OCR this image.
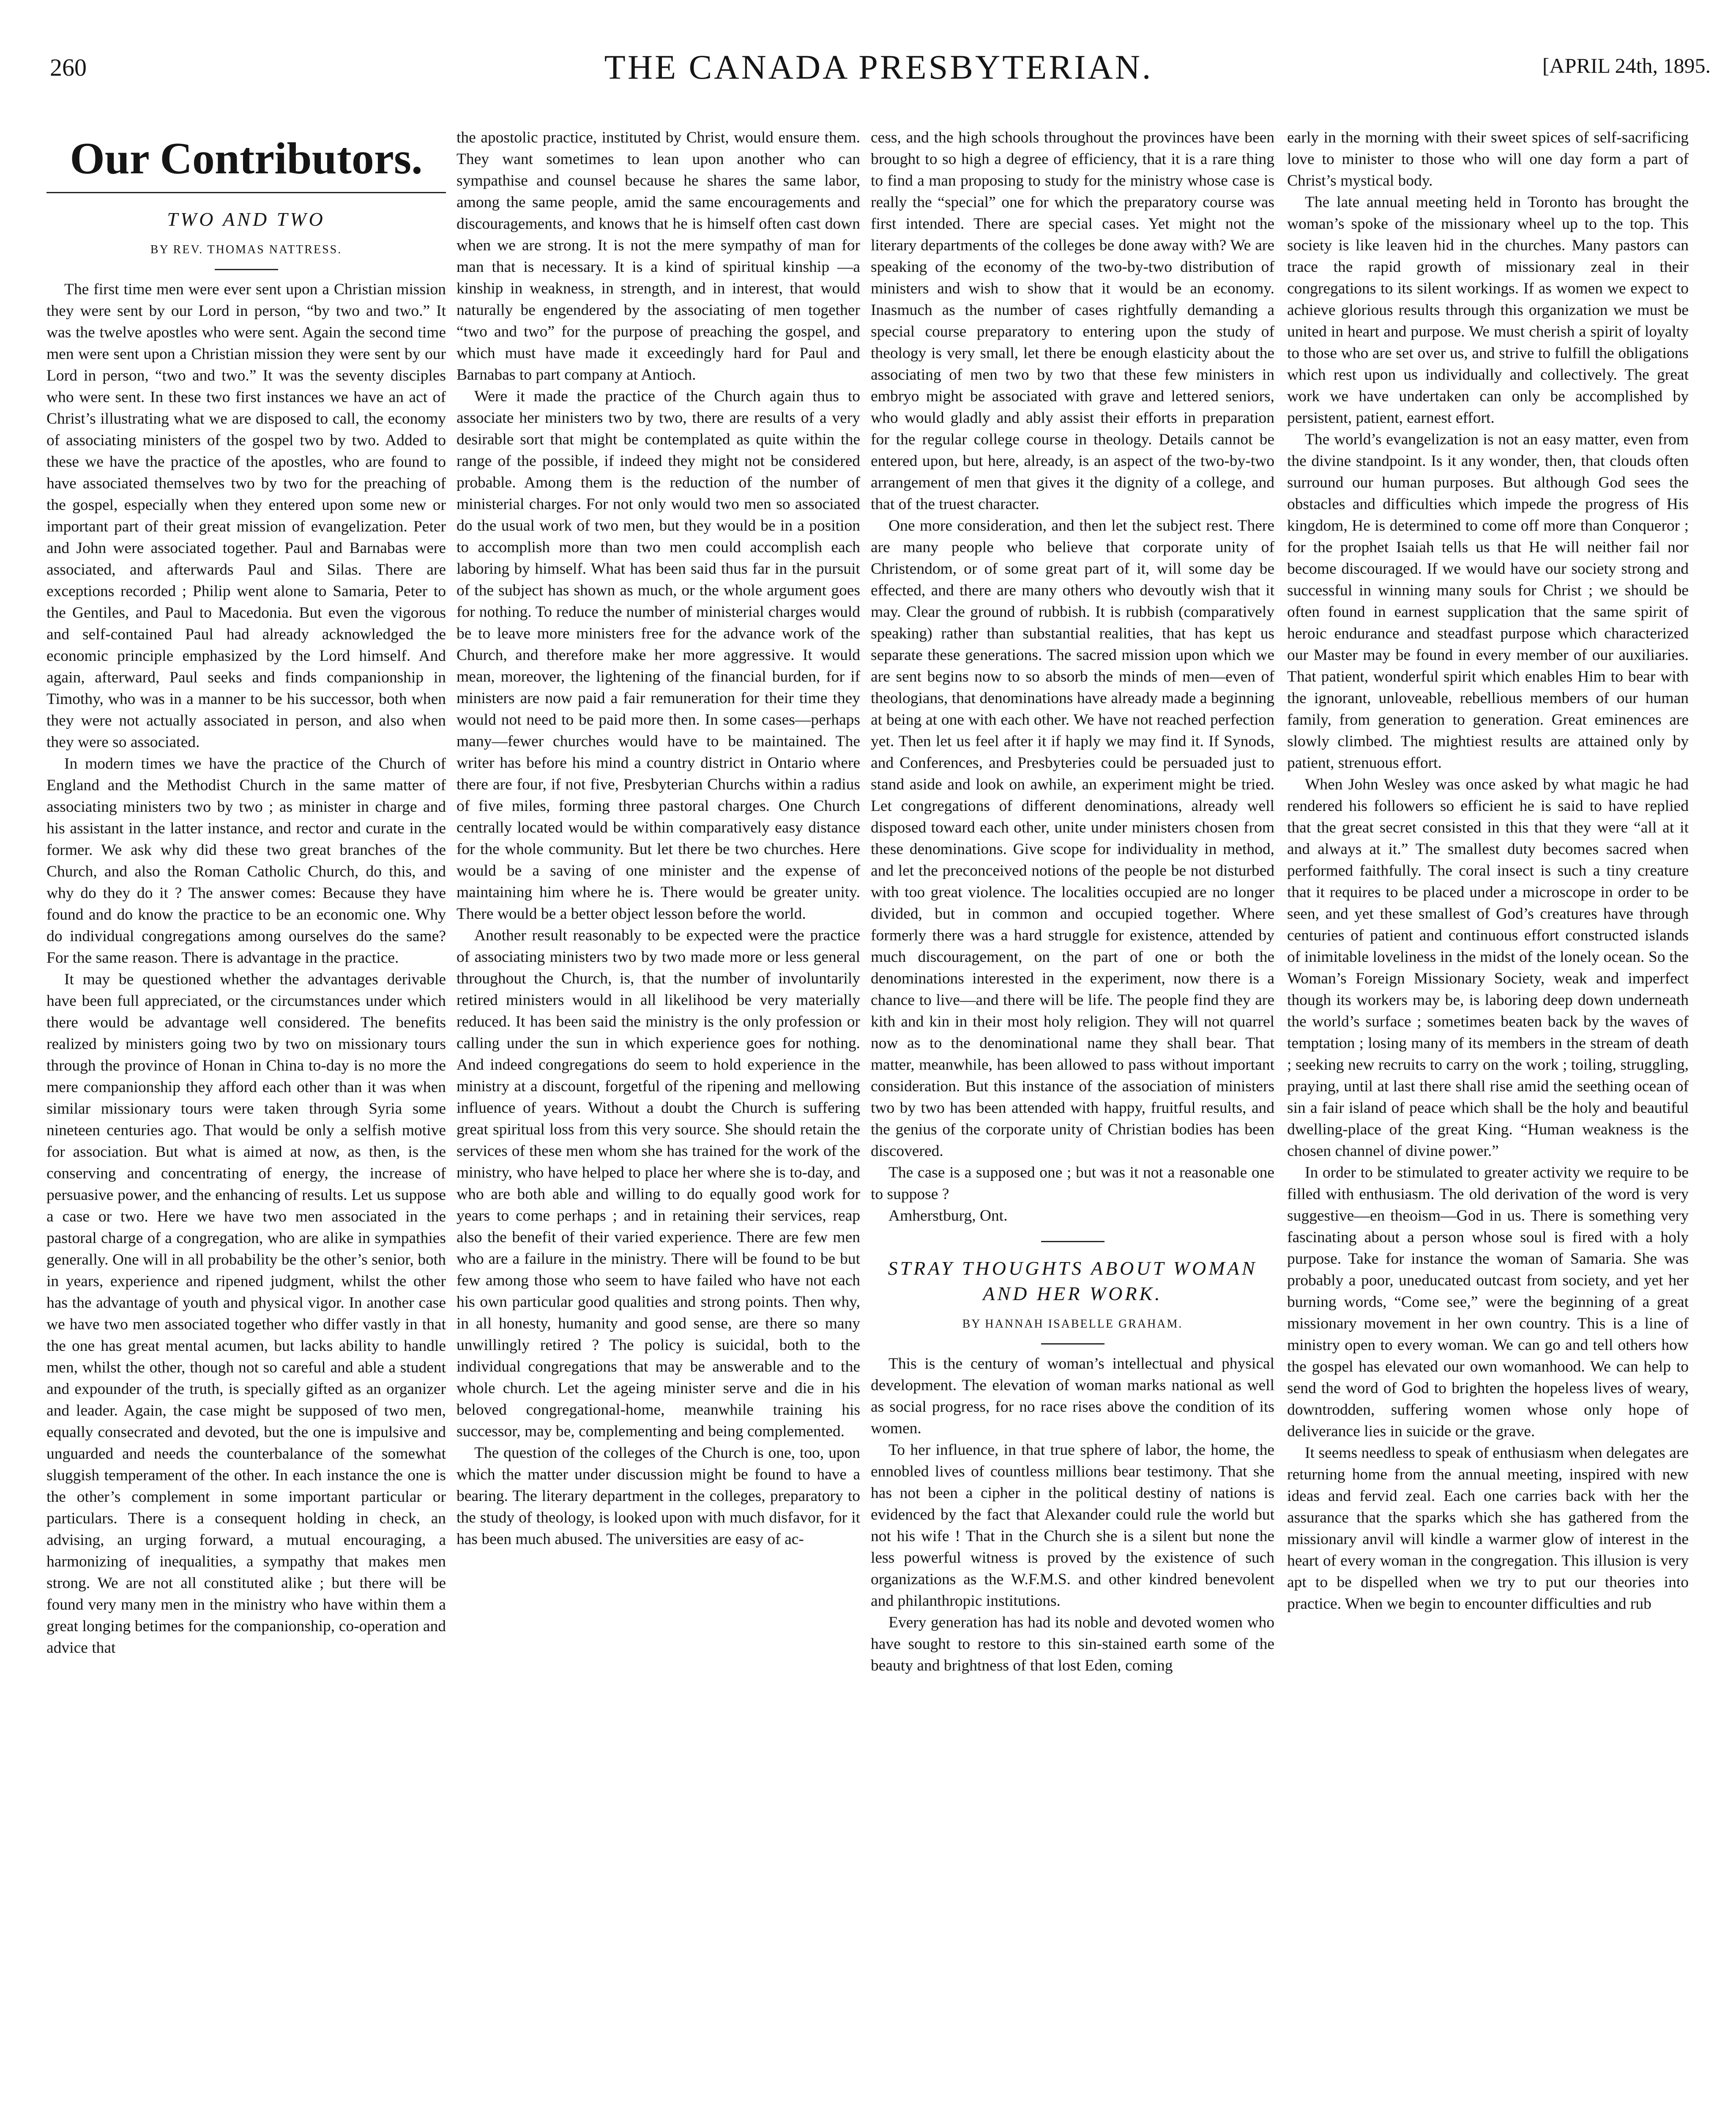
260	THE CANADA PRESBYTERIAN.	[APRIL 24th, 1895.
Our Contributors.
TWO AND TWO
BY REV. THOMAS NATTRESS.

The first time men were ever sent upon a Christian mission they were sent by our Lord in person, “by two and two.” It was the twelve apostles who were sent. Again the second time men were sent upon a Christian mission they were sent by our Lord in person, “two and two.” It was the seventy disciples who were sent. In these two first instances we have an act of Christ’s illustrating what we are disposed to call, the economy of associating ministers of the gospel two by two. Added to these we have the practice of the apostles, who are found to have associated themselves two by two for the preaching of the gospel, especially when they entered upon some new or important part of their great mission of evangelization. Peter and John were associated together. Paul and Barnabas were associated, and afterwards Paul and Silas. There are exceptions recorded ; Philip went alone to Samaria, Peter to the Gentiles, and Paul to Macedonia. But even the vigorous and self-contained Paul had already acknowledged the economic principle emphasized by the Lord himself. And again, afterward, Paul seeks and finds companionship in Timothy, who was in a manner to be his successor, both when they were not actually associated in person, and also when they were so associated.

In modern times we have the practice of the Church of England and the Methodist Church in the same matter of associating ministers two by two ; as minister in charge and his assistant in the latter instance, and rector and curate in the former. We ask why did these two great branches of the Church, and also the Roman Catholic Church, do this, and why do they do it ? The answer comes: Because they have found and do know the practice to be an economic one. Why do individual congregations among ourselves do the same? For the same reason. There is advantage in the practice.

It may be questioned whether the advantages derivable have been full appreciated, or the circumstances under which there would be advantage well considered. The benefits realized by ministers going two by two on missionary tours through the province of Honan in China to-day is no more the mere companionship they afford each other than it was when similar missionary tours were taken through Syria some nineteen centuries ago. That would be only a selfish motive for association. But what is aimed at now, as then, is the conserving and concentrating of energy, the increase of persuasive power, and the enhancing of results. Let us suppose a case or two. Here we have two men associated in the pastoral charge of a congregation, who are alike in sympathies generally. One will in all probability be the other’s senior, both in years, experience and ripened judgment, whilst the other has the advantage of youth and physical vigor. In another case we have two men associated together who differ vastly in that the one has great mental acumen, but lacks ability to handle men, whilst the other, though not so careful and able a student and expounder of the truth, is specially gifted as an organizer and leader. Again, the case might be supposed of two men, equally consecrated and devoted, but the one is impulsive and unguarded and needs the counterbalance of the somewhat sluggish temperament of the other. In each instance the one is the other’s complement in some important particular or particulars. There is a consequent holding in check, an advising, an urging forward, a mutual encouraging, a harmonizing of inequalities, a sympathy that makes men strong. We are not all constituted alike ; but there will be found very many men in the ministry who have within them a great longing betimes for the companionship, co-operation and advice that

the apostolic practice, instituted by Christ, would ensure them. They want sometimes to lean upon another who can sympathise and counsel because he shares the same labor, among the same people, amid the same encouragements and discouragements, and knows that he is himself often cast down when we are strong. It is not the mere sympathy of man for man that is necessary. It is a kind of spiritual kinship —a kinship in weakness, in strength, and in interest, that would naturally be engendered by the associating of men together “two and two” for the purpose of preaching the gospel, and which must have made it exceedingly hard for Paul and Barnabas to part company at Antioch.

Were it made the practice of the Church again thus to associate her ministers two by two, there are results of a very desirable sort that might be contemplated as quite within the range of the possible, if indeed they might not be considered probable. Among them is the reduction of the number of ministerial charges. For not only would two men so associated do the usual work of two men, but they would be in a position to accomplish more than two men could accomplish each laboring by himself. What has been said thus far in the pursuit of the subject has shown as much, or the whole argument goes for nothing. To reduce the number of ministerial charges would be to leave more ministers free for the advance work of the Church, and therefore make her more aggressive. It would mean, moreover, the lightening of the financial burden, for if ministers are now paid a fair remuneration for their time they would not need to be paid more then. In some cases—perhaps many—fewer churches would have to be maintained. The writer has before his mind a country district in Ontario where there are four, if not five, Presbyterian Churchs within a radius of five miles, forming three pastoral charges. One Church centrally located would be within comparatively easy distance for the whole community. But let there be two churches. Here would be a saving of one minister and the expense of maintaining him where he is. There would be greater unity. There would be a better object lesson before the world.

Another result reasonably to be expected were the practice of associating ministers two by two made more or less general throughout the Church, is, that the number of involuntarily retired ministers would in all likelihood be very materially reduced. It has been said the ministry is the only profession or calling under the sun in which experience goes for nothing. And indeed congregations do seem to hold experience in the ministry at a discount, forgetful of the ripening and mellowing influence of years. Without a doubt the Church is suffering great spiritual loss from this very source. She should retain the services of these men whom she has trained for the work of the ministry, who have helped to place her where she is to-day, and who are both able and willing to do equally good work for years to come perhaps ; and in retaining their services, reap also the benefit of their varied experience. There are few men who are a failure in the ministry. There will be found to be but few among those who seem to have failed who have not each his own particular good qualities and strong points. Then why, in all honesty, humanity and good sense, are there so many unwillingly retired ? The policy is suicidal, both to the individual congregations that may be answerable and to the whole church. Let the ageing minister serve and die in his beloved congregational-home, meanwhile training his successor, may be, complementing and being complemented.

The question of the colleges of the Church is one, too, upon which the matter under discussion might be found to have a bearing. The literary department in the colleges, preparatory to the study of theology, is looked upon with much disfavor, for it has been much abused. The universities are easy of ac-

cess, and the high schools throughout the provinces have been brought to so high a degree of efficiency, that it is a rare thing to find a man proposing to study for the ministry whose case is really the “special” one for which the preparatory course was first intended. There are special cases. Yet might not the literary departments of the colleges be done away with? We are speaking of the economy of the two-by-two distribution of ministers and wish to show that it would be an economy. Inasmuch as the number of cases rightfully demanding a special course preparatory to entering upon the study of theology is very small, let there be enough elasticity about the associating of men two by two that these few ministers in embryo might be associated with grave and lettered seniors, who would gladly and ably assist their efforts in preparation for the regular college course in theology. Details cannot be entered upon, but here, already, is an aspect of the two-by-two arrangement of men that gives it the dignity of a college, and that of the truest character.

One more consideration, and then let the subject rest. There are many people who believe that corporate unity of Christendom, or of some great part of it, will some day be effected, and there are many others who devoutly wish that it may. Clear the ground of rubbish. It is rubbish (comparatively speaking) rather than substantial realities, that has kept us separate these generations. The sacred mission upon which we are sent begins now to so absorb the minds of men—even of theologians, that denominations have already made a beginning at being at one with each other. We have not reached perfection yet. Then let us feel after it if haply we may find it. If Synods, and Conferences, and Presbyteries could be persuaded just to stand aside and look on awhile, an experiment might be tried. Let congregations of different denominations, already well disposed toward each other, unite under ministers chosen from these denominations. Give scope for individuality in method, and let the preconceived notions of the people be not disturbed with too great violence. The localities occupied are no longer divided, but in common and occupied together. Where formerly there was a hard struggle for existence, attended by much discouragement, on the part of one or both the denominations interested in the experiment, now there is a chance to live—and there will be life. The people find they are kith and kin in their most holy religion. They will not quarrel now as to the denominational name they shall bear. That matter, meanwhile, has been allowed to pass without important consideration. But this instance of the association of ministers two by two has been attended with happy, fruitful results, and the genius of the corporate unity of Christian bodies has been discovered.

The case is a supposed one ; but was it not a reasonable one to suppose ?

Amherstburg, Ont.

STRAY THOUGHTS ABOUT WOMAN AND HER WORK.
BY HANNAH ISABELLE GRAHAM.

This is the century of woman’s intellectual and physical development. The elevation of woman marks national as well as social progress, for no race rises above the condition of its women.

To her influence, in that true sphere of labor, the home, the ennobled lives of countless millions bear testimony. That she has not been a cipher in the political destiny of nations is evidenced by the fact that Alexander could rule the world but not his wife ! That in the Church she is a silent but none the less powerful witness is proved by the existence of such organizations as the W.F.M.S. and other kindred benevolent and philanthropic institutions.

Every generation has had its noble and devoted women who have sought to restore to this sin-stained earth some of the beauty and brightness of that lost Eden, coming

early in the morning with their sweet spices of self-sacrificing love to minister to those who will one day form a part of Christ’s mystical body.

The late annual meeting held in Toronto has brought the woman’s spoke of the missionary wheel up to the top. This society is like leaven hid in the churches. Many pastors can trace the rapid growth of missionary zeal in their congregations to its silent workings. If as women we expect to achieve glorious results through this organization we must be united in heart and purpose. We must cherish a spirit of loyalty to those who are set over us, and strive to fulfill the obligations which rest upon us individually and collectively. The great work we have undertaken can only be accomplished by persistent, patient, earnest effort.

The world’s evangelization is not an easy matter, even from the divine standpoint. Is it any wonder, then, that clouds often surround our human purposes. But although God sees the obstacles and difficulties which impede the progress of His kingdom, He is determined to come off more than Conqueror ; for the prophet Isaiah tells us that He will neither fail nor become discouraged. If we would have our society strong and successful in winning many souls for Christ ; we should be often found in earnest supplication that the same spirit of heroic endurance and steadfast purpose which characterized our Master may be found in every member of our auxiliaries. That patient, wonderful spirit which enables Him to bear with the ignorant, unloveable, rebellious members of our human family, from generation to generation. Great eminences are slowly climbed. The mightiest results are attained only by patient, strenuous effort.

When John Wesley was once asked by what magic he had rendered his followers so efficient he is said to have replied that the great secret consisted in this that they were “all at it and always at it.” The smallest duty becomes sacred when performed faithfully. The coral insect is such a tiny creature that it requires to be placed under a microscope in order to be seen, and yet these smallest of God’s creatures have through centuries of patient and continuous effort constructed islands of inimitable loveliness in the midst of the lonely ocean. So the Woman’s Foreign Missionary Society, weak and imperfect though its workers may be, is laboring deep down underneath the world’s surface ; sometimes beaten back by the waves of temptation ; losing many of its members in the stream of death ; seeking new recruits to carry on the work ; toiling, struggling, praying, until at last there shall rise amid the seething ocean of sin a fair island of peace which shall be the holy and beautiful dwelling-place of the great King. “Human weakness is the chosen channel of divine power.”

In order to be stimulated to greater activity we require to be filled with enthusiasm. The old derivation of the word is very suggestive—en theoism—God in us. There is something very fascinating about a person whose soul is fired with a holy purpose. Take for instance the woman of Samaria. She was probably a poor, uneducated outcast from society, and yet her burning words, “Come see,” were the beginning of a great missionary movement in her own country. This is a line of ministry open to every woman. We can go and tell others how the gospel has elevated our own womanhood. We can help to send the word of God to brighten the hopeless lives of weary, downtrodden, suffering women whose only hope of deliverance lies in suicide or the grave.

It seems needless to speak of enthusiasm when delegates are returning home from the annual meeting, inspired with new ideas and fervid zeal. Each one carries back with her the assurance that the sparks which she has gathered from the missionary anvil will kindle a warmer glow of interest in the heart of every woman in the congregation. This illusion is very apt to be dispelled when we try to put our theories into practice. When we begin to encounter difficulties and rub
